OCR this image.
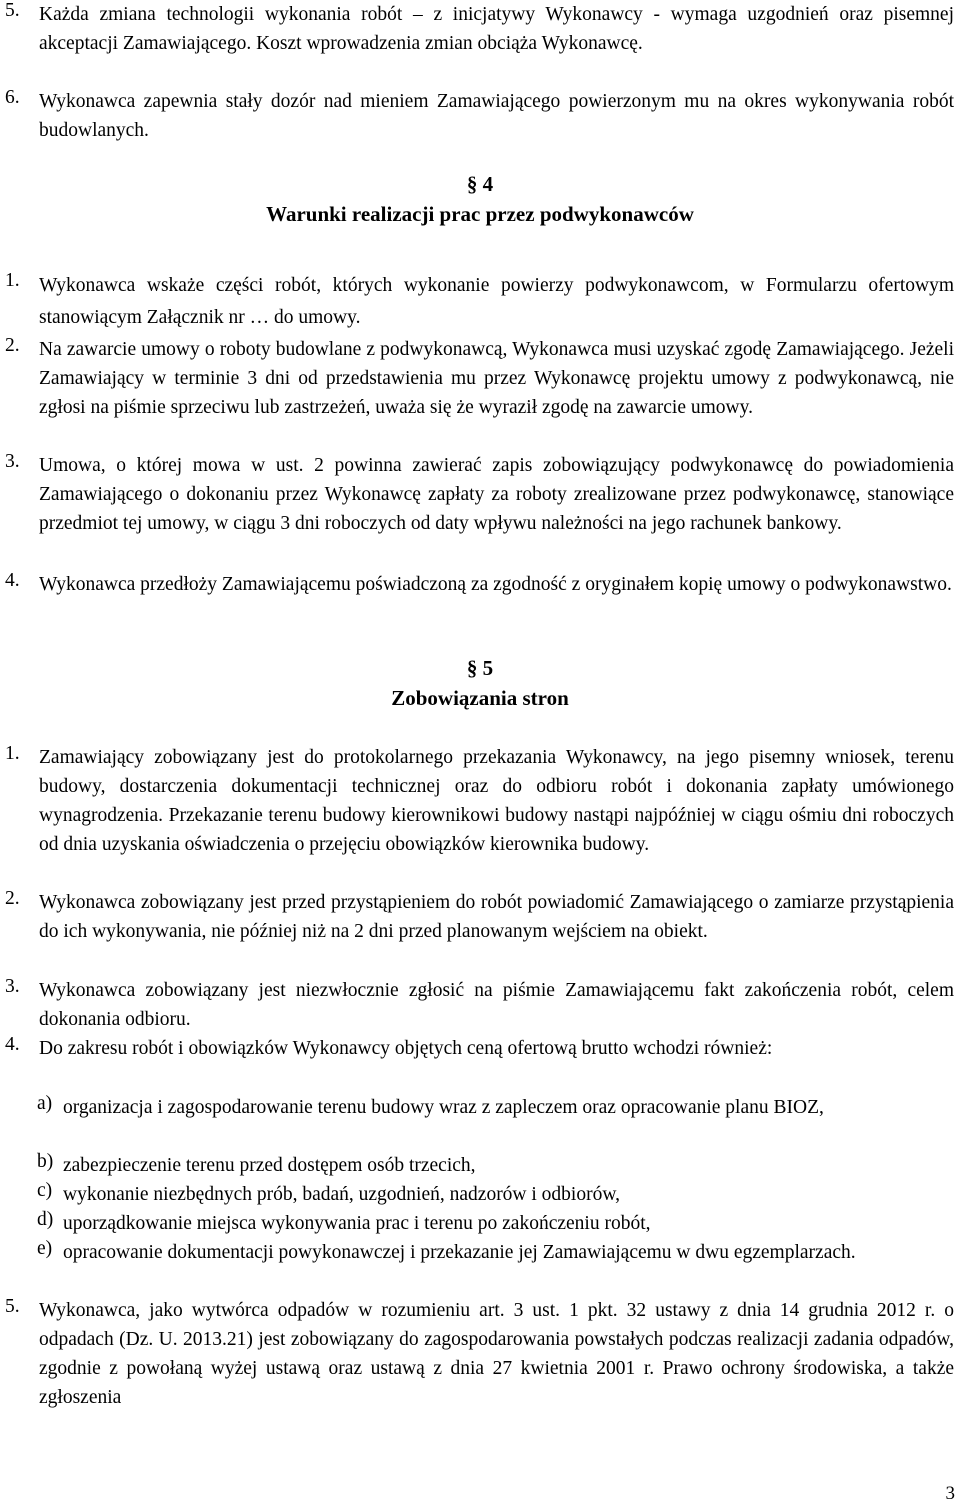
5. Każda zmiana technologii wykonania robót – z inicjatywy Wykonawcy - wymaga uzgodnień oraz pisemnej akceptacji Zamawiającego. Koszt wprowadzenia zmian obciąża Wykonawcę.
6. Wykonawca zapewnia stały dozór nad mieniem Zamawiającego powierzonym mu na okres wykonywania robót budowlanych.
§ 4
Warunki realizacji prac przez podwykonawców
1. Wykonawca wskaże części robót, których wykonanie powierzy podwykonawcom, w Formularzu ofertowym stanowiącym Załącznik nr … do umowy.
2. Na zawarcie umowy o roboty budowlane z podwykonawcą, Wykonawca musi uzyskać zgodę Zamawiającego. Jeżeli Zamawiający w terminie 3 dni od przedstawienia mu przez Wykonawcę projektu umowy z podwykonawcą, nie zgłosi na piśmie sprzeciwu lub zastrzeżeń, uważa się że wyraził zgodę na zawarcie umowy.
3. Umowa, o której mowa w ust. 2 powinna zawierać zapis zobowiązujący podwykonawcę do powiadomienia Zamawiającego o dokonaniu przez Wykonawcę zapłaty za roboty zrealizowane przez podwykonawcę, stanowiące przedmiot tej umowy, w ciągu 3 dni roboczych od daty wpływu należności na jego rachunek bankowy.
4. Wykonawca przedłoży Zamawiającemu poświadczoną za zgodność z oryginałem kopię umowy o podwykonawstwo.
§ 5
Zobowiązania stron
1. Zamawiający zobowiązany jest do protokolarnego przekazania Wykonawcy, na jego pisemny wniosek, terenu budowy, dostarczenia dokumentacji technicznej oraz do odbioru robót i dokonania zapłaty umówionego wynagrodzenia. Przekazanie terenu budowy kierownikowi budowy nastąpi najpóźniej w ciągu ośmiu dni roboczych od dnia uzyskania oświadczenia o przejęciu obowiązków kierownika budowy.
2. Wykonawca zobowiązany jest przed przystąpieniem do robót powiadomić Zamawiającego o zamiarze przystąpienia do ich wykonywania, nie później niż na 2 dni przed planowanym wejściem na obiekt.
3. Wykonawca zobowiązany jest niezwłocznie zgłosić na piśmie Zamawiającemu fakt zakończenia robót, celem dokonania odbioru.
4. Do zakresu robót i obowiązków Wykonawcy objętych ceną ofertową brutto wchodzi również:
a) organizacja i zagospodarowanie terenu budowy wraz z zapleczem oraz opracowanie planu BIOZ,
b) zabezpieczenie terenu przed dostępem osób trzecich,
c) wykonanie niezbędnych prób, badań, uzgodnień, nadzorów i odbiorów,
d) uporządkowanie miejsca wykonywania prac i terenu po zakończeniu robót,
e) opracowanie dokumentacji powykonawczej i przekazanie jej Zamawiającemu w dwu egzemplarzach.
5. Wykonawca, jako wytwórca odpadów w rozumieniu art. 3 ust. 1 pkt. 32 ustawy z dnia 14 grudnia 2012 r. o odpadach (Dz. U. 2013.21) jest zobowiązany do zagospodarowania powstałych podczas realizacji zadania odpadów, zgodnie z powołaną wyżej ustawą oraz ustawą z dnia 27 kwietnia 2001 r. Prawo ochrony środowiska, a także zgłoszenia
3
